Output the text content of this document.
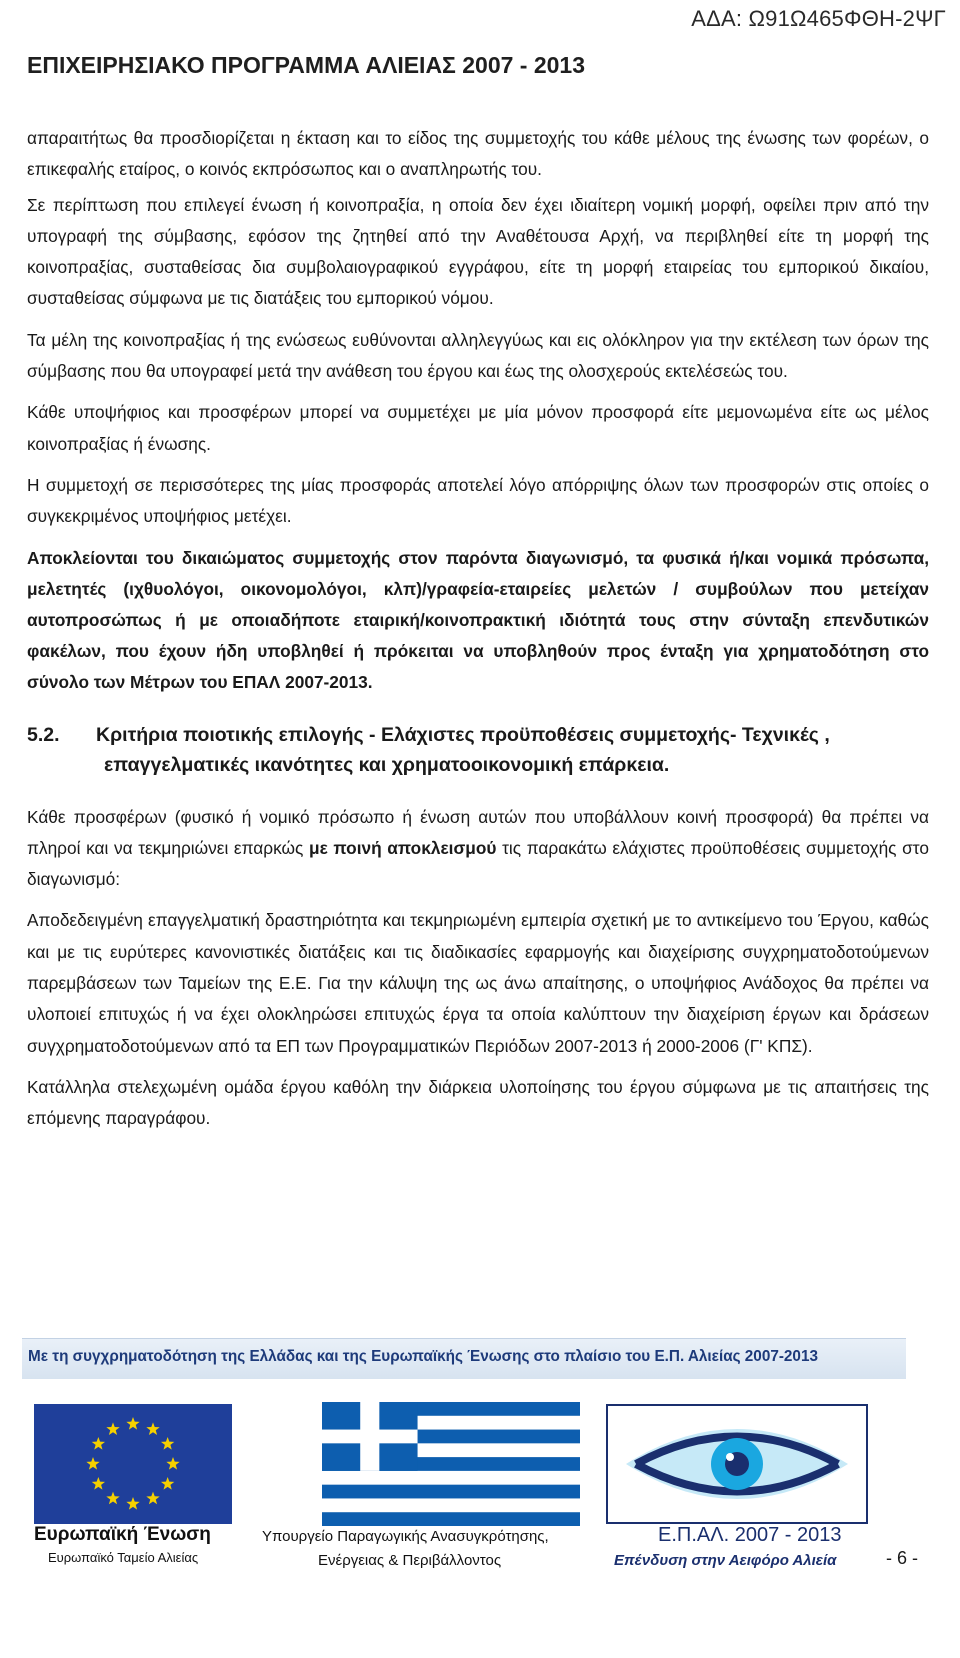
ΑΔΑ: Ω91Ω465ΦΘΗ-2ΨΓ
ΕΠΙΧΕΙΡΗΣΙΑΚΟ ΠΡΟΓΡΑΜΜΑ ΑΛΙΕΙΑΣ 2007 - 2013

απαραιτήτως θα προσδιορίζεται η έκταση και το είδος της συμμετοχής του κάθε μέλους της ένωσης των φορέων, ο επικεφαλής εταίρος, ο κοινός εκπρόσωπος και ο αναπληρωτής του.

Σε περίπτωση που επιλεγεί ένωση ή κοινοπραξία, η οποία δεν έχει ιδιαίτερη νομική μορφή, οφείλει πριν από την υπογραφή της σύμβασης, εφόσον της ζητηθεί από την Αναθέτουσα Αρχή, να περιβληθεί είτε τη μορφή της κοινοπραξίας, συσταθείσας δια συμβολαιογραφικού εγγράφου, είτε τη μορφή εταιρείας του εμπορικού δικαίου, συσταθείσας σύμφωνα με τις διατάξεις του εμπορικού νόμου.

Τα μέλη της κοινοπραξίας ή της ενώσεως ευθύνονται αλληλεγγύως και εις ολόκληρον για την εκτέλεση των όρων της σύμβασης που θα υπογραφεί μετά την ανάθεση του έργου και έως της ολοσχερούς εκτελέσεώς του.

Κάθε υποψήφιος και προσφέρων μπορεί να συμμετέχει με μία μόνον προσφορά είτε μεμονωμένα είτε ως μέλος κοινοπραξίας ή ένωσης.

Η συμμετοχή σε περισσότερες της μίας προσφοράς αποτελεί λόγο απόρριψης όλων των προσφορών στις οποίες ο συγκεκριμένος υποψήφιος μετέχει.

Αποκλείονται του δικαιώματος συμμετοχής στον παρόντα διαγωνισμό, τα φυσικά ή/και νομικά πρόσωπα, μελετητές (ιχθυολόγοι, οικονομολόγοι, κλπ)/γραφεία-εταιρείες μελετών / συμβούλων που μετείχαν αυτοπροσώπως ή με οποιαδήποτε εταιρική/κοινοπρακτική ιδιότητά τους στην σύνταξη επενδυτικών φακέλων, που έχουν ήδη υποβληθεί ή πρόκειται να υποβληθούν προς ένταξη για χρηματοδότηση στο σύνολο των Μέτρων του ΕΠΑΛ 2007-2013.

5.2.	Κριτήρια ποιοτικής επιλογής - Ελάχιστες προϋποθέσεις συμμετοχής- Τεχνικές ,
επαγγελματικές ικανότητες και χρηματοοικονομική επάρκεια.

Κάθε προσφέρων (φυσικό ή νομικό πρόσωπο ή ένωση αυτών που υποβάλλουν κοινή προσφορά) θα πρέπει να πληροί και να τεκμηριώνει επαρκώς με ποινή αποκλεισμού τις παρακάτω ελάχιστες προϋποθέσεις συμμετοχής στο διαγωνισμό:

Αποδεδειγμένη επαγγελματική δραστηριότητα και τεκμηριωμένη εμπειρία σχετική με το αντικείμενο του Έργου, καθώς και με τις ευρύτερες κανονιστικές διατάξεις και τις διαδικασίες εφαρμογής και διαχείρισης συγχρηματοδοτούμενων παρεμβάσεων των Ταμείων της Ε.Ε. Για την κάλυψη της ως άνω απαίτησης, ο υποψήφιος Ανάδοχος θα πρέπει να υλοποιεί επιτυχώς ή να έχει ολοκληρώσει επιτυχώς έργα τα οποία καλύπτουν την διαχείριση έργων και δράσεων συγχρηματοδοτούμενων από τα ΕΠ των Προγραμματικών Περιόδων 2007-2013 ή 2000-2006 (Γ' ΚΠΣ).

Κατάλληλα στελεχωμένη ομάδα έργου καθόλη την διάρκεια υλοποίησης του έργου σύμφωνα με τις απαιτήσεις της επόμενης παραγράφου.

Με τη συγχρηματοδότηση της Ελλάδας και της Ευρωπαϊκής Ένωσης στο πλαίσιο του Ε.Π. Αλιείας 2007-2013
Ευρωπαϊκή Ένωση
Ευρωπαϊκό Ταμείο Αλιείας
Υπουργείο Παραγωγικής Ανασυγκρότησης,
Ενέργειας & Περιβάλλοντος
Ε.Π.ΑΛ. 2007 - 2013
Επένδυση στην Αειφόρο Αλιεία	- 6 -
